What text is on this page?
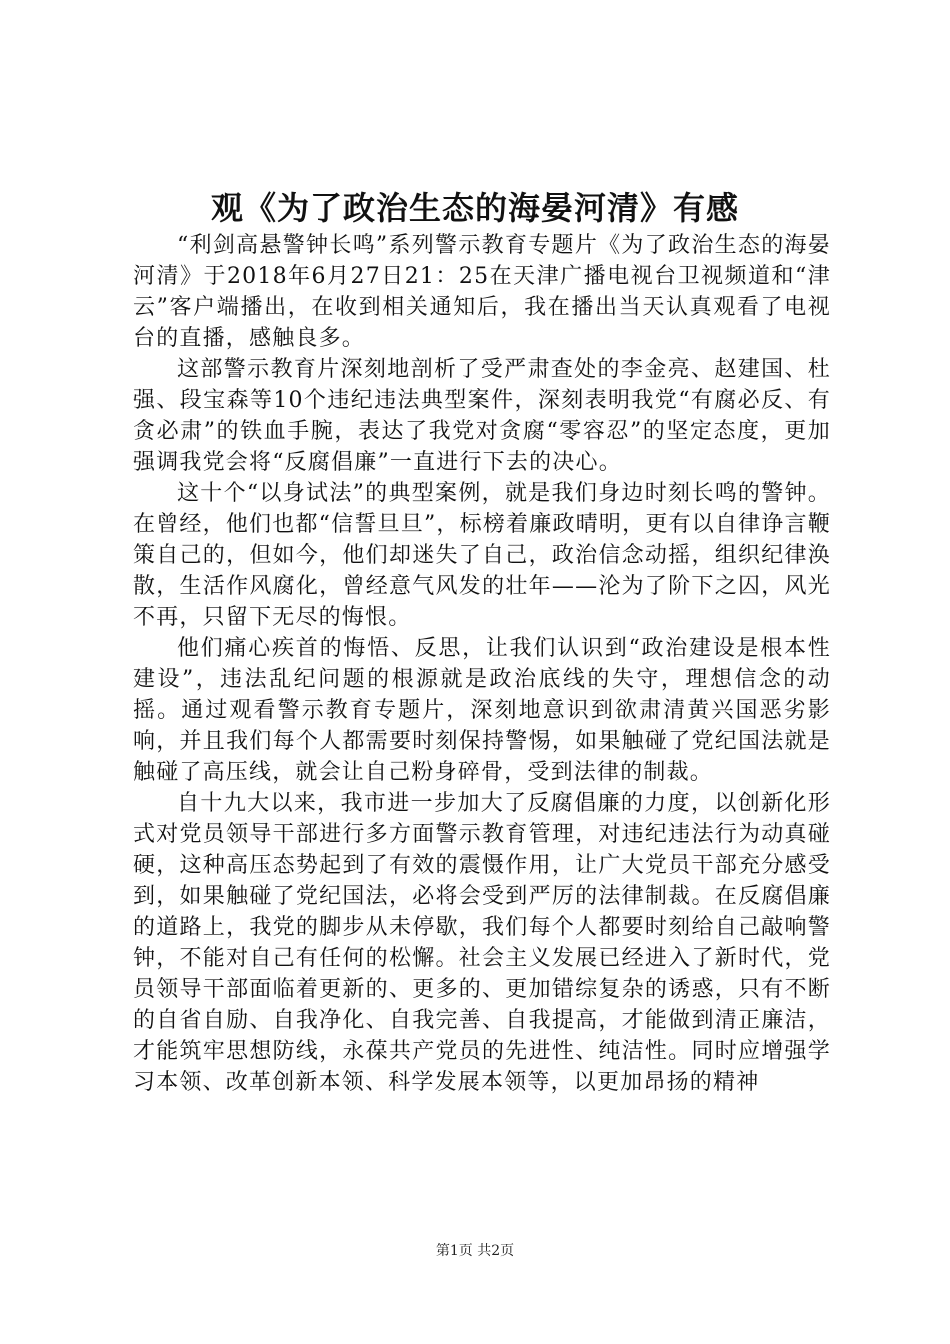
观《为了政治生态的海晏河清》有感

“利剑高悬警钟长鸣”系列警示教育专题片《为了政治生态的海晏河清》于2018年6月27日21：25在天津广播电视台卫视频道和“津云”客户端播出，在收到相关通知后，我在播出当天认真观看了电视台的直播，感触良多。

这部警示教育片深刻地剖析了受严肃查处的李金亮、赵建国、杜强、段宝森等10个违纪违法典型案件，深刻表明我党“有腐必反、有贪必肃”的铁血手腕，表达了我党对贪腐“零容忍”的坚定态度，更加强调我党会将“反腐倡廉”一直进行下去的决心。

这十个“以身试法”的典型案例，就是我们身边时刻长鸣的警钟。在曾经，他们也都“信誓旦旦”，标榜着廉政晴明，更有以自律诤言鞭策自己的，但如今，他们却迷失了自己，政治信念动摇，组织纪律涣散，生活作风腐化，曾经意气风发的壮年——沦为了阶下之囚，风光不再，只留下无尽的悔恨。

他们痛心疾首的悔悟、反思，让我们认识到“政治建设是根本性建设”，违法乱纪问题的根源就是政治底线的失守，理想信念的动摇。通过观看警示教育专题片，深刻地意识到欲肃清黄兴国恶劣影响，并且我们每个人都需要时刻保持警惕，如果触碰了党纪国法就是触碰了高压线，就会让自己粉身碎骨，受到法律的制裁。

自十九大以来，我市进一步加大了反腐倡廉的力度，以创新化形式对党员领导干部进行多方面警示教育管理，对违纪违法行为动真碰硬，这种高压态势起到了有效的震慑作用，让广大党员干部充分感受到，如果触碰了党纪国法，必将会受到严厉的法律制裁。在反腐倡廉的道路上，我党的脚步从未停歇，我们每个人都要时刻给自己敲响警钟，不能对自己有任何的松懈。社会主义发展已经进入了新时代，党员领导干部面临着更新的、更多的、更加错综复杂的诱惑，只有不断的自省自励、自我净化、自我完善、自我提高，才能做到清正廉洁，才能筑牢思想防线，永葆共产党员的先进性、纯洁性。同时应增强学习本领、改革创新本领、科学发展本领等，以更加昂扬的精神

第1页 共2页
